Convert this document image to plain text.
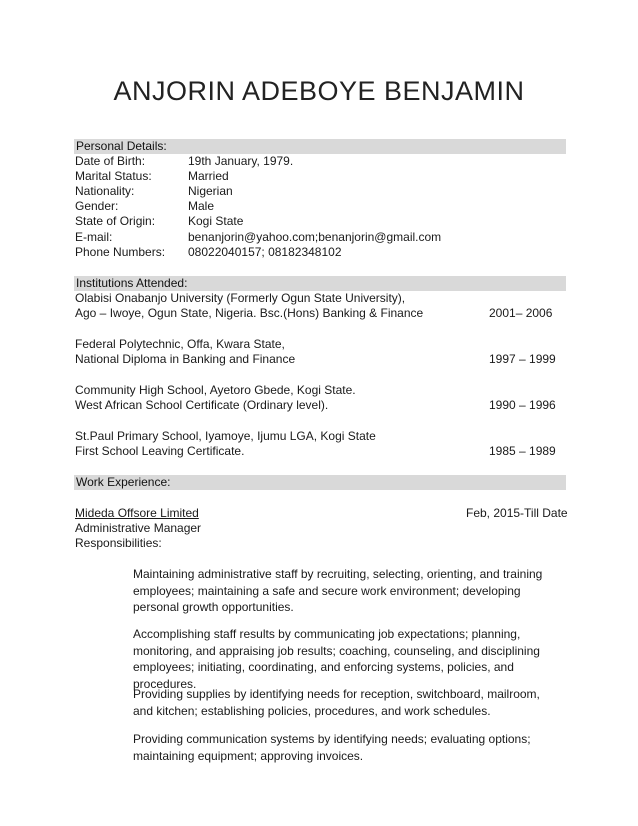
ANJORIN ADEBOYE BENJAMIN
Personal Details:
Date of Birth:	19th January, 1979.
Marital Status:	Married
Nationality:	Nigerian
Gender:	Male
State of Origin:	Kogi State
E-mail:	benanjorin@yahoo.com;benanjorin@gmail.com
Phone Numbers: 08022040157; 08182348102
Institutions Attended:
Olabisi Onabanjo University (Formerly Ogun State University),
Ago – Iwoye, Ogun State, Nigeria. Bsc.(Hons) Banking & Finance	2001– 2006
Federal Polytechnic, Offa, Kwara State,
National Diploma in Banking and Finance	1997 – 1999
Community High School, Ayetoro Gbede, Kogi State.
West African School Certificate (Ordinary level).	1990 – 1996
St.Paul Primary School, Iyamoye, Ijumu LGA, Kogi State
First School Leaving Certificate.	1985 – 1989
Work Experience:
Mideda Offsore Limited	Feb, 2015-Till Date
Administrative Manager
Responsibilities:
Maintaining administrative staff by recruiting, selecting, orienting, and training employees; maintaining a safe and secure work environment; developing personal growth opportunities.
Accomplishing staff results by communicating job expectations; planning, monitoring, and appraising job results; coaching, counseling, and disciplining employees; initiating, coordinating, and enforcing systems, policies, and procedures.
Providing supplies by identifying needs for reception, switchboard, mailroom, and kitchen; establishing policies, procedures, and work schedules.
Providing communication systems by identifying needs; evaluating options; maintaining equipment; approving invoices.
